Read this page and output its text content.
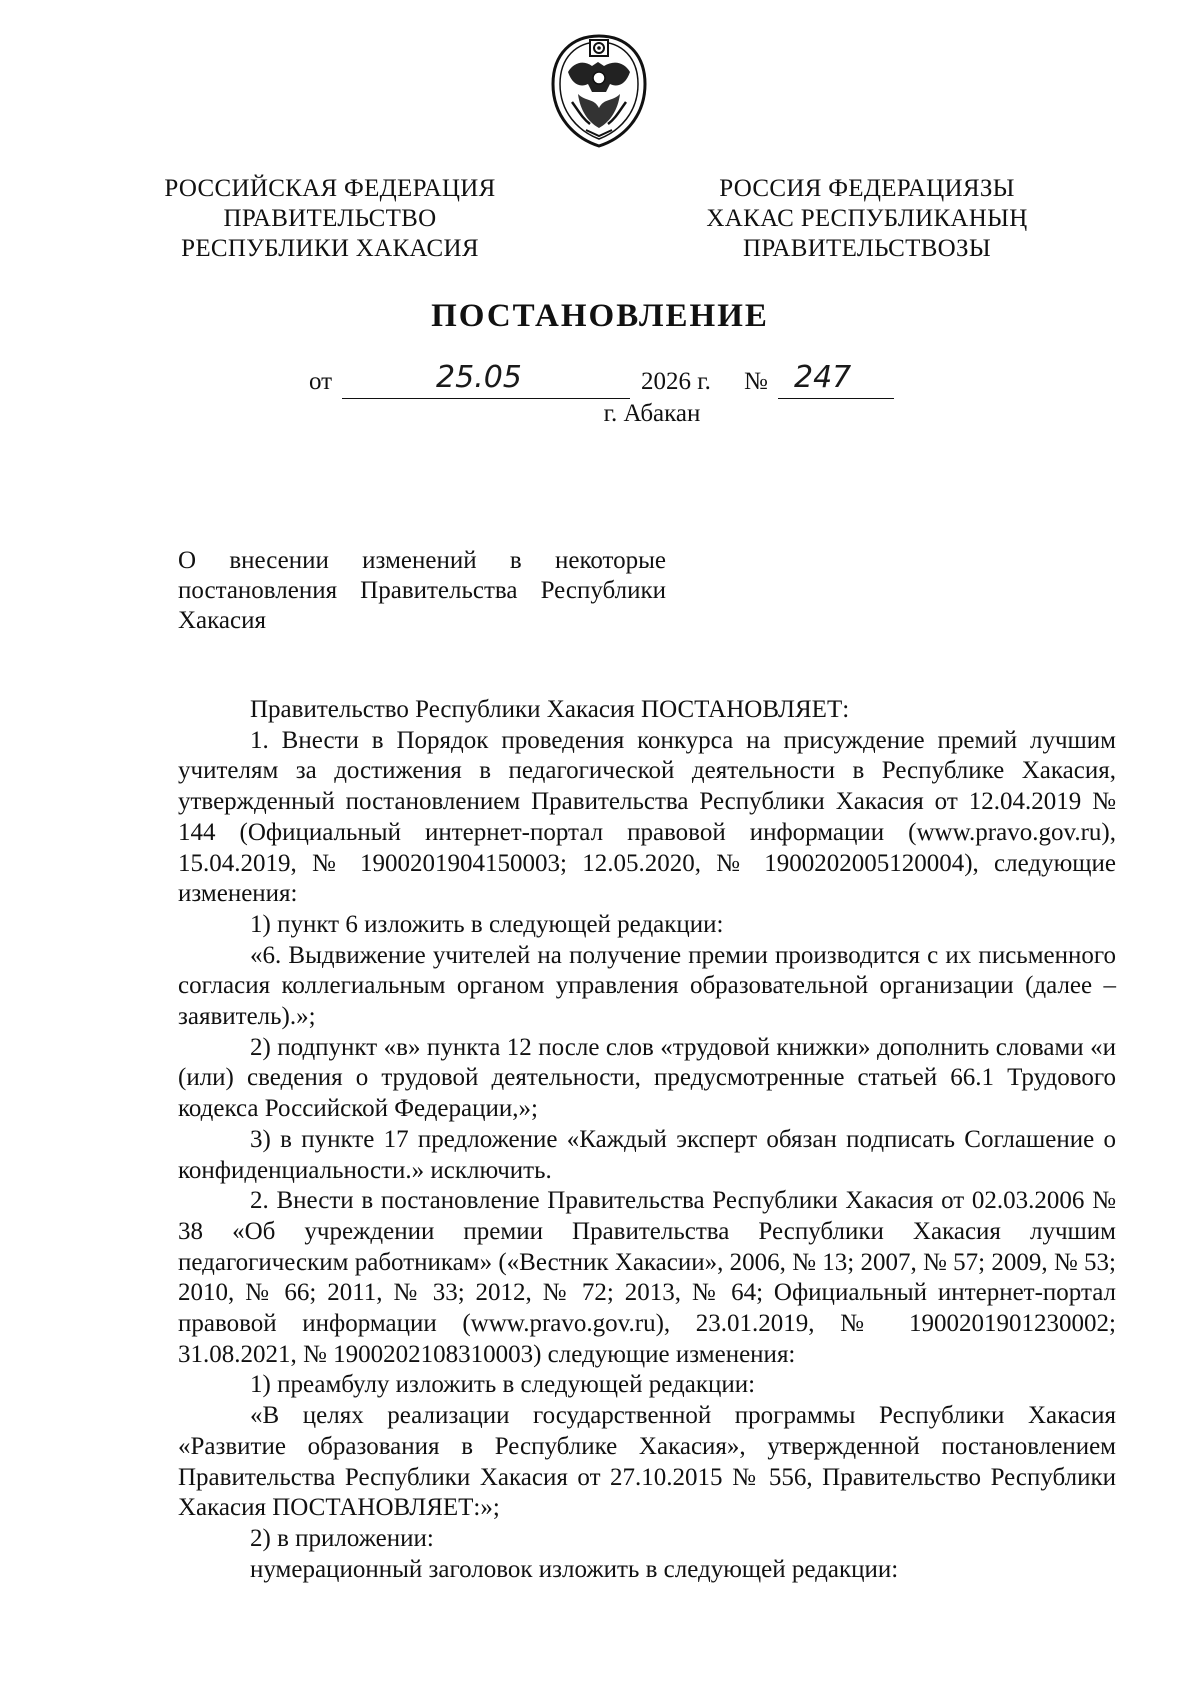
РОССИЙСКАЯ ФЕДЕРАЦИЯ
ПРАВИТЕЛЬСТВО
РЕСПУБЛИКИ ХАКАСИЯ
РОССИЯ ФЕДЕРАЦИЯЗЫ
ХАКАС РЕСПУБЛИКАНЫҢ
ПРАВИТЕЛЬСТВОЗЫ
ПОСТАНОВЛЕНИЕ
от	25.05	2026 г. № 247
г. Абакан
О внесении изменений в некоторые
постановления Правительства Республики
Хакасия

Правительство Республики Хакасия ПОСТАНОВЛЯЕТ:

1. Внести в Порядок проведения конкурса на присуждение премий лучшим учителям за достижения в педагогической деятельности в Республике Хакасия, утвержденный постановлением Правительства Республики Хакасия от 12.04.2019 № 144 (Официальный интернет-портал правовой информации (www.pravo.gov.ru), 15.04.2019, № 1900201904150003; 12.05.2020, № 1900202005120004), следующие изменения:

1) пункт 6 изложить в следующей редакции:

«6. Выдвижение учителей на получение премии производится с их письменного согласия коллегиальным органом управления образовательной организации (далее – заявитель).»;

2) подпункт «в» пункта 12 после слов «трудовой книжки» дополнить словами «и (или) сведения о трудовой деятельности, предусмотренные статьей 66.1 Трудового кодекса Российской Федерации,»;

3) в пункте 17 предложение «Каждый эксперт обязан подписать Соглашение о конфиденциальности.» исключить.

2. Внести в постановление Правительства Республики Хакасия от 02.03.2006 № 38 «Об учреждении премии Правительства Республики Хакасия лучшим педагогическим работникам» («Вестник Хакасии», 2006, № 13; 2007, № 57; 2009, № 53; 2010, № 66; 2011, № 33; 2012, № 72; 2013, № 64; Официальный интернет-портал правовой информации (www.pravo.gov.ru), 23.01.2019, № 1900201901230002; 31.08.2021, № 1900202108310003) следующие изменения:

1) преамбулу изложить в следующей редакции:

«В целях реализации государственной программы Республики Хакасия «Развитие образования в Республике Хакасия», утвержденной постановлением Правительства Республики Хакасия от 27.10.2015 № 556, Правительство Республики Хакасия ПОСТАНОВЛЯЕТ:»;

2) в приложении:

нумерационный заголовок изложить в следующей редакции:
